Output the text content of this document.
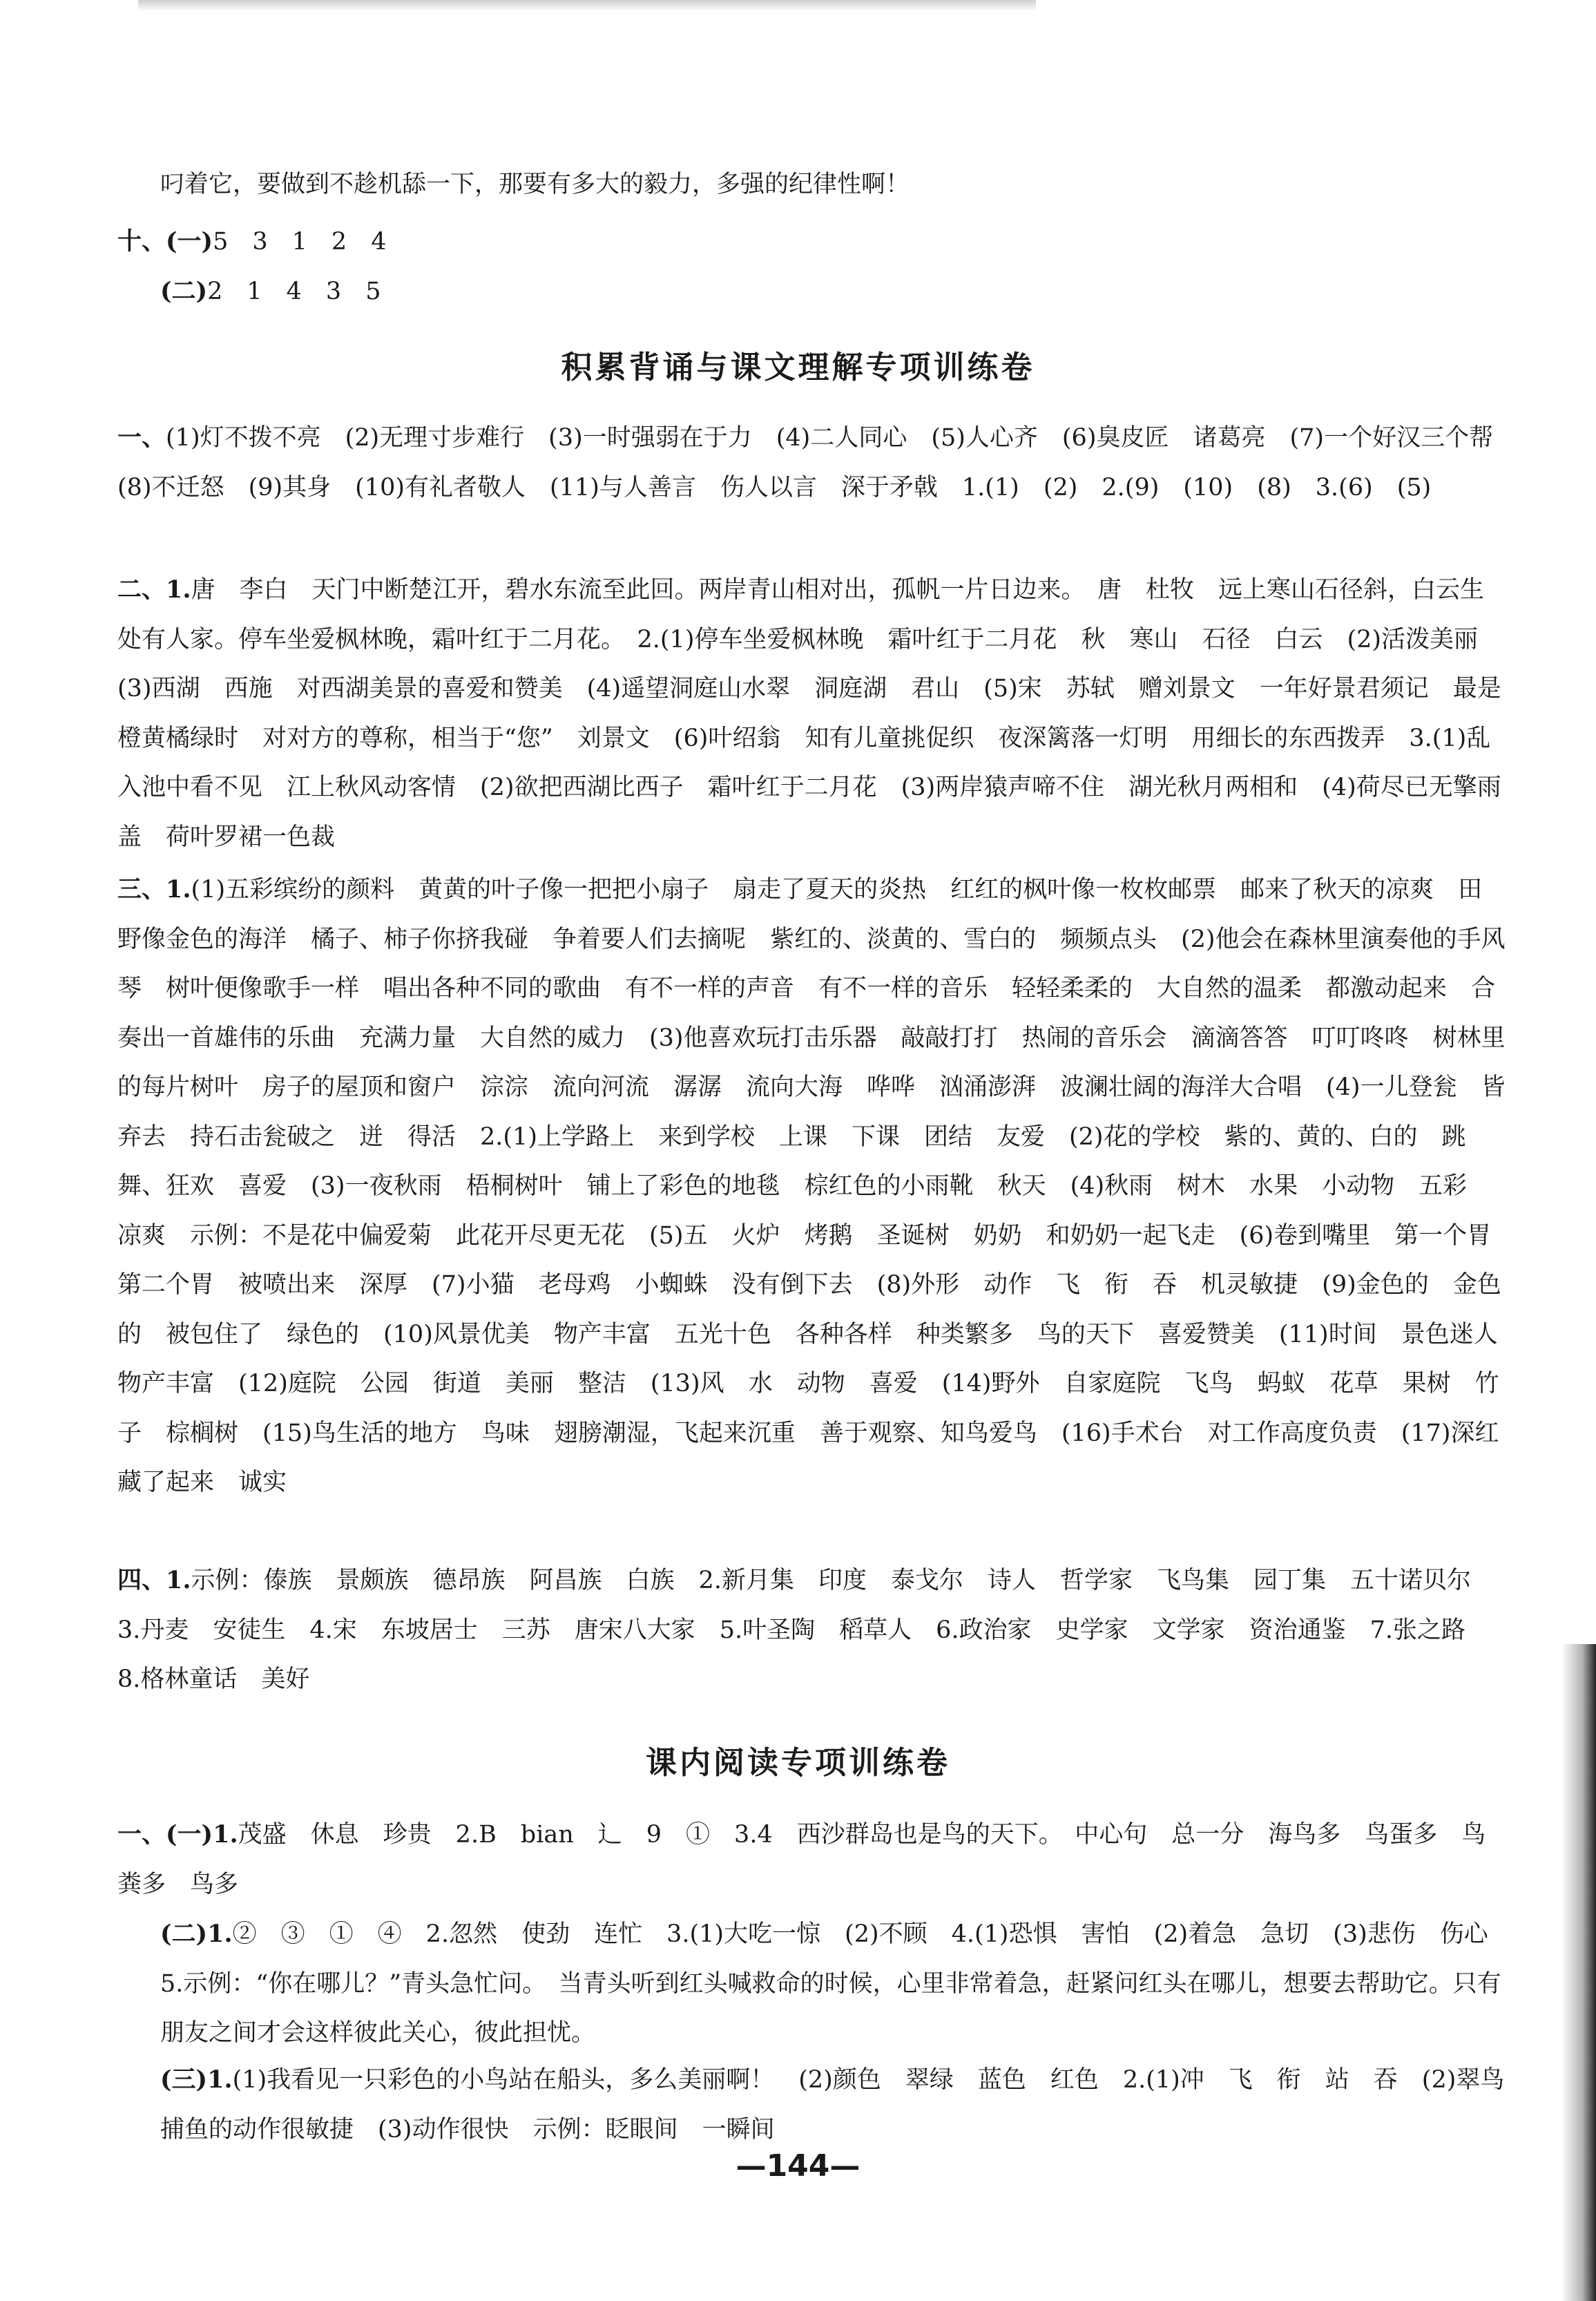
叼着它，要做到不趁机舔一下，那要有多大的毅力，多强的纪律性啊！
十、(一)5　3　1　2　4
(二)2　1　4　3　5
积累背诵与课文理解专项训练卷
一、(1)灯不拨不亮　(2)无理寸步难行　(3)一时强弱在于力　(4)二人同心　(5)人心齐　(6)臭皮匠　诸葛亮　(7)一个好汉三个帮　(8)不迁怒　(9)其身　(10)有礼者敬人　(11)与人善言　伤人以言　深于矛戟　1.(1)　(2)　2.(9)　(10)　(8)　3.(6)　(5)
二、1.唐　李白　天门中断楚江开，碧水东流至此回。两岸青山相对出，孤帆一片日边来。　唐　杜牧　远上寒山石径斜，白云生处有人家。停车坐爱枫林晚，霜叶红于二月花。　2.(1)停车坐爱枫林晚　霜叶红于二月花　秋　寒山　石径　白云　(2)活泼美丽　(3)西湖　西施　对西湖美景的喜爱和赞美　(4)遥望洞庭山水翠　洞庭湖　君山　(5)宋　苏轼　赠刘景文　一年好景君须记　最是橙黄橘绿时　对对方的尊称，相当于“您”　刘景文　(6)叶绍翁　知有儿童挑促织　夜深篱落一灯明　用细长的东西拨弄　3.(1)乱入池中看不见　江上秋风动客情　(2)欲把西湖比西子　霜叶红于二月花　(3)两岸猿声啼不住　湖光秋月两相和　(4)荷尽已无擎雨盖　荷叶罗裙一色裁
三、1.(1)五彩缤纷的颜料　黄黄的叶子像一把把小扇子　扇走了夏天的炎热　红红的枫叶像一枚枚邮票　邮来了秋天的凉爽　田野像金色的海洋　橘子、柿子你挤我碰　争着要人们去摘呢　紫红的、淡黄的、雪白的　频频点头　(2)他会在森林里演奏他的手风琴　树叶便像歌手一样　唱出各种不同的歌曲　有不一样的声音　有不一样的音乐　轻轻柔柔的　大自然的温柔　都激动起来　合奏出一首雄伟的乐曲　充满力量　大自然的威力　(3)他喜欢玩打击乐器　敲敲打打　热闹的音乐会　滴滴答答　叮叮咚咚　树林里的每片树叶　房子的屋顶和窗户　淙淙　流向河流　潺潺　流向大海　哗哗　汹涌澎湃　波澜壮阔的海洋大合唱　(4)一儿登瓮　皆弃去　持石击瓮破之　迸　得活　2.(1)上学路上　来到学校　上课　下课　团结　友爱　(2)花的学校　紫的、黄的、白的　跳舞、狂欢　喜爱　(3)一夜秋雨　梧桐树叶　铺上了彩色的地毯　棕红色的小雨靴　秋天　(4)秋雨　树木　水果　小动物　五彩　凉爽　示例：不是花中偏爱菊　此花开尽更无花　(5)五　火炉　烤鹅　圣诞树　奶奶　和奶奶一起飞走　(6)卷到嘴里　第一个胃　第二个胃　被喷出来　深厚　(7)小猫　老母鸡　小蜘蛛　没有倒下去　(8)外形　动作　飞　衔　吞　机灵敏捷　(9)金色的　金色的　被包住了　绿色的　(10)风景优美　物产丰富　五光十色　各种各样　种类繁多　鸟的天下　喜爱赞美　(11)时间　景色迷人　物产丰富　(12)庭院　公园　街道　美丽　整洁　(13)风　水　动物　喜爱　(14)野外　自家庭院　飞鸟　蚂蚁　花草　果树　竹子　棕榈树　(15)鸟生活的地方　鸟味　翅膀潮湿，飞起来沉重　善于观察、知鸟爱鸟　(16)手术台　对工作高度负责　(17)深红　藏了起来　诚实
四、1.示例：傣族　景颇族　德昂族　阿昌族　白族　2.新月集　印度　泰戈尔　诗人　哲学家　飞鸟集　园丁集　五十诺贝尔　3.丹麦　安徒生　4.宋　东坡居士　三苏　唐宋八大家　5.叶圣陶　稻草人　6.政治家　史学家　文学家　资治通鉴　7.张之路　8.格林童话　美好
课内阅读专项训练卷
一、(一)1.茂盛　休息　珍贵　2.B　bian　辶　9　①　3.4　西沙群岛也是鸟的天下。　中心句　总一分　海鸟多　鸟蛋多　鸟粪多　鸟多
(二)1.②　③　①　④　2.忽然　使劲　连忙　3.(1)大吃一惊　(2)不顾　4.(1)恐惧　害怕　(2)着急　急切　(3)悲伤　伤心　5.示例：“你在哪儿？”青头急忙问。　当青头听到红头喊救命的时候，心里非常着急，赶紧问红头在哪儿，想要去帮助它。只有朋友之间才会这样彼此关心，彼此担忧。
(三)1.(1)我看见一只彩色的小鸟站在船头，多么美丽啊！　(2)颜色　翠绿　蓝色　红色　2.(1)冲　飞　衔　站　吞　(2)翠鸟捕鱼的动作很敏捷　(3)动作很快　示例：眨眼间　一瞬间
—144—
